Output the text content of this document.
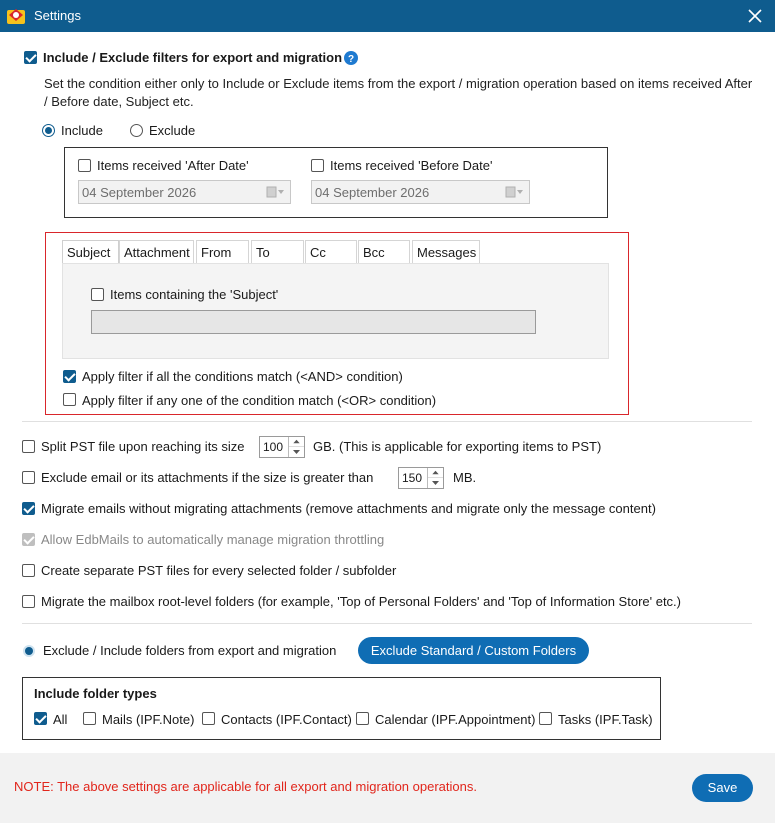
Settings
Include / Exclude filters for export and migration ?
Set the condition either only to Include or Exclude items from the export / migration operation based on items received After / Before date, Subject etc.
Include	Exclude
Items received 'After Date'
04 September 2026
Items received 'Before Date'
04 September 2026
Subject	Attachment From	To	Cc	Bcc	Messages
Items containing the 'Subject'
Apply filter if all the conditions match (<AND> condition)
Apply filter if any one of the condition match (<OR> condition)
Split PST file upon reaching its size	100	GB. (This is applicable for exporting items to PST)
Exclude email or its attachments if the size is greater than	150	MB.
Migrate emails without migrating attachments (remove attachments and migrate only the message content)
Allow EdbMails to automatically manage migration throttling
Create separate PST files for every selected folder / subfolder
Migrate the mailbox root-level folders (for example, 'Top of Personal Folders' and 'Top of Information Store' etc.)
Exclude / Include folders from export and migration	Exclude Standard / Custom Folders
Include folder types
All	Mails (IPF.Note) Contacts (IPF.Contact) Calendar (IPF.Appointment) Tasks (IPF.Task)
NOTE: The above settings are applicable for all export and migration operations.	Save
